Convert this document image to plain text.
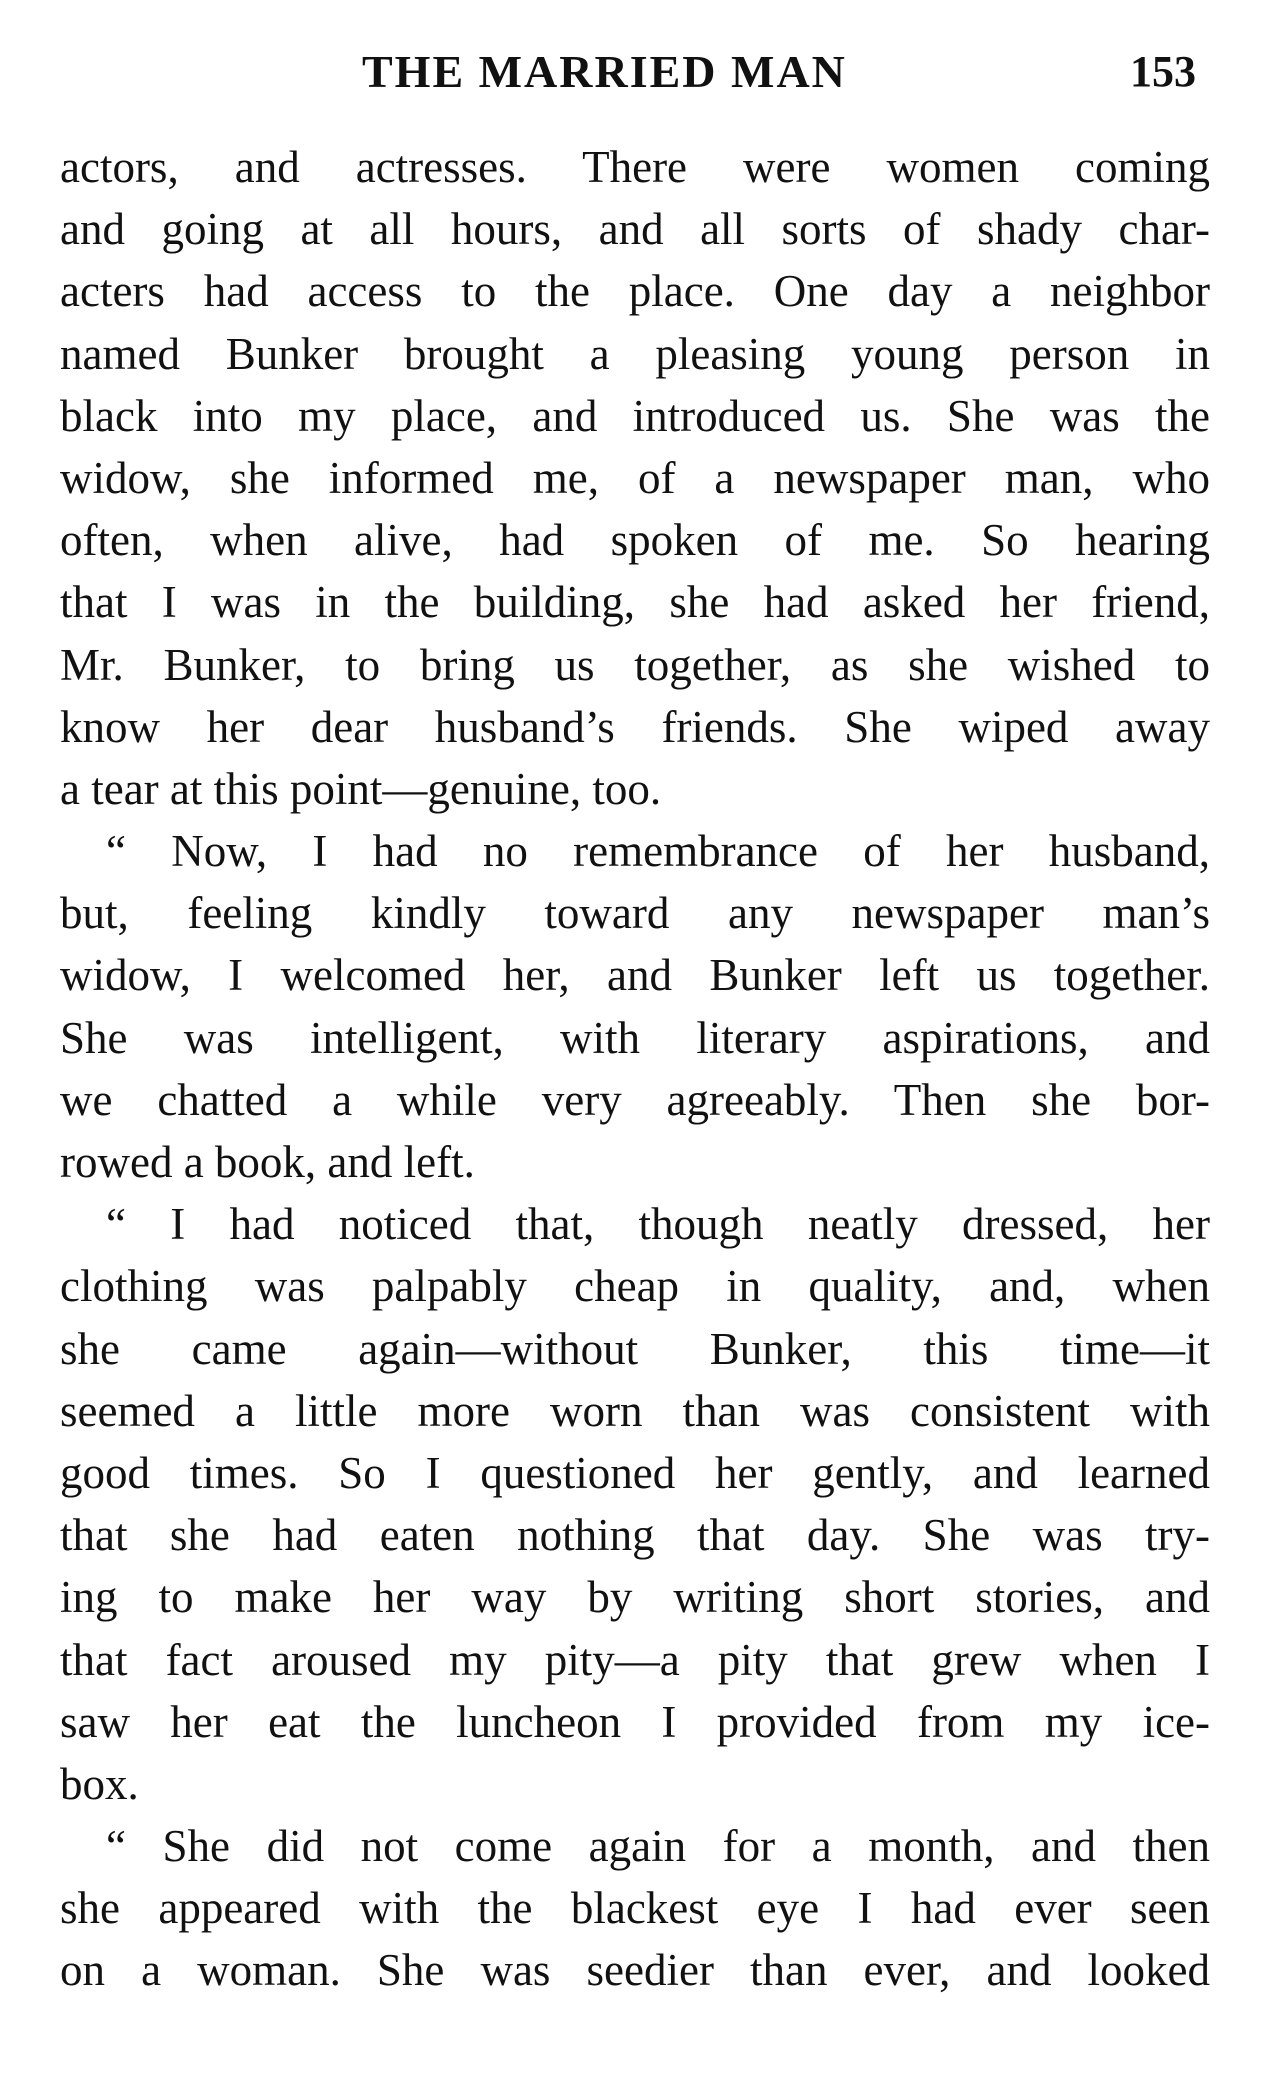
THE MARRIED MAN	153
actors, and actresses. There were women coming
and going at all hours, and all sorts of shady char-
acters had access to the place. One day a neighbor
named Bunker brought a pleasing young person in
black into my place, and introduced us. She was the
widow, she informed me, of a newspaper man, who
often, when alive, had spoken of me. So hearing
that I was in the building, she had asked her friend,
Mr. Bunker, to bring us together, as she wished to
know her dear husband’s friends. She wiped away
a tear at this point—genuine, too.
“ Now, I had no remembrance of her husband,
but, feeling kindly toward any newspaper man’s
widow, I welcomed her, and Bunker left us together.
She was intelligent, with literary aspirations, and
we chatted a while very agreeably. Then she bor-
rowed a book, and left.
“ I had noticed that, though neatly dressed, her
clothing was palpably cheap in quality, and, when
she came again—without Bunker, this time—it
seemed a little more worn than was consistent with
good times. So I questioned her gently, and learned
that she had eaten nothing that day. She was try-
ing to make her way by writing short stories, and
that fact aroused my pity—a pity that grew when I
saw her eat the luncheon I provided from my ice-
box.
“ She did not come again for a month, and then
she appeared with the blackest eye I had ever seen
on a woman. She was seedier than ever, and looked
